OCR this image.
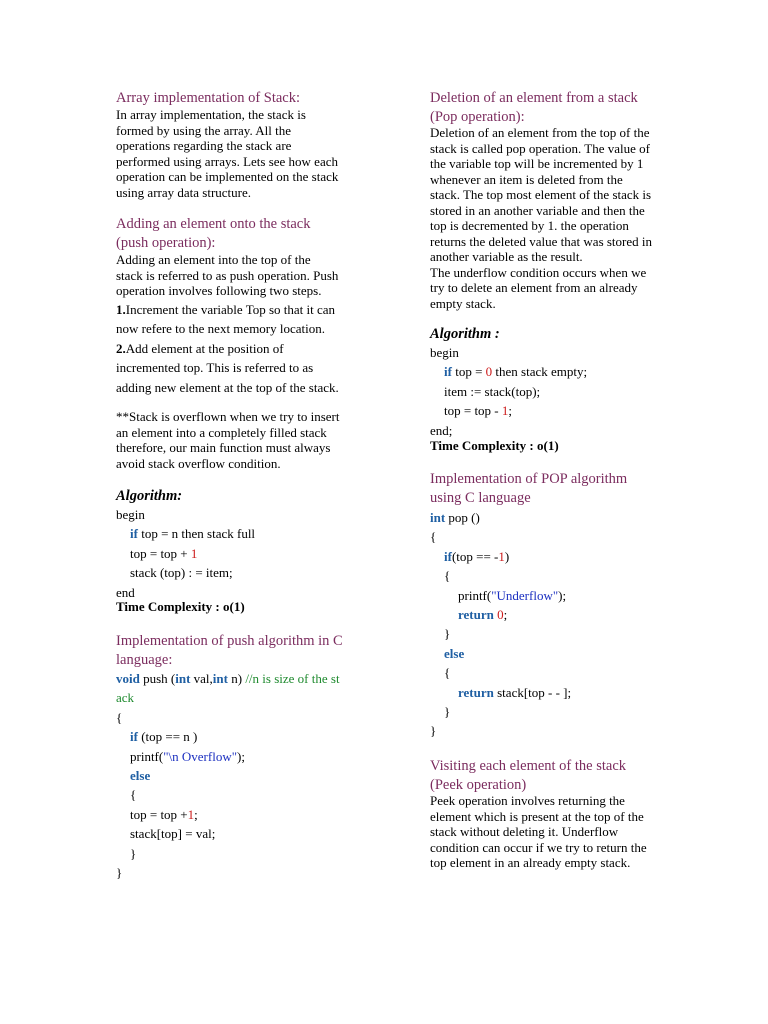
Array implementation of Stack:
In array implementation, the stack is
formed by using the array. All the
operations regarding the stack are
performed using arrays. Lets see how each
operation can be implemented on the stack
using array data structure.
Adding an element onto the stack
(push operation):
Adding an element into the top of the
stack is referred to as push operation. Push
operation involves following two steps.
1.Increment the variable Top so that it can
now refere to the next memory location.
2.Add element at the position of
incremented top. This is referred to as
adding new element at the top of the stack.
**Stack is overflown when we try to insert
an element into a completely filled stack
therefore, our main function must always
avoid stack overflow condition.
Algorithm:
begin
if top = n then stack full
top = top + 1
stack (top) : = item;
end
Time Complexity : o(1)
Implementation of push algorithm in C
language:
void push (int val,int n) //n is size of the st
ack
{
if (top == n )
printf("\n Overflow");
else
{
top = top +1;
stack[top] = val;
}
}
Deletion of an element from a stack
(Pop operation):
Deletion of an element from the top of the
stack is called pop operation. The value of
the variable top will be incremented by 1
whenever an item is deleted from the
stack. The top most element of the stack is
stored in an another variable and then the
top is decremented by 1. the operation
returns the deleted value that was stored in
another variable as the result.
The underflow condition occurs when we
try to delete an element from an already
empty stack.
Algorithm :
begin
if top = 0 then stack empty;
item := stack(top);
top = top - 1;
end;
Time Complexity : o(1)
Implementation of POP algorithm
using C language
int pop ()
{
if(top == -1)
{
printf("Underflow");
return 0;
}
else
{
return stack[top - - ];
}
}
Visiting each element of the stack
(Peek operation)
Peek operation involves returning the
element which is present at the top of the
stack without deleting it. Underflow
condition can occur if we try to return the
top element in an already empty stack.
